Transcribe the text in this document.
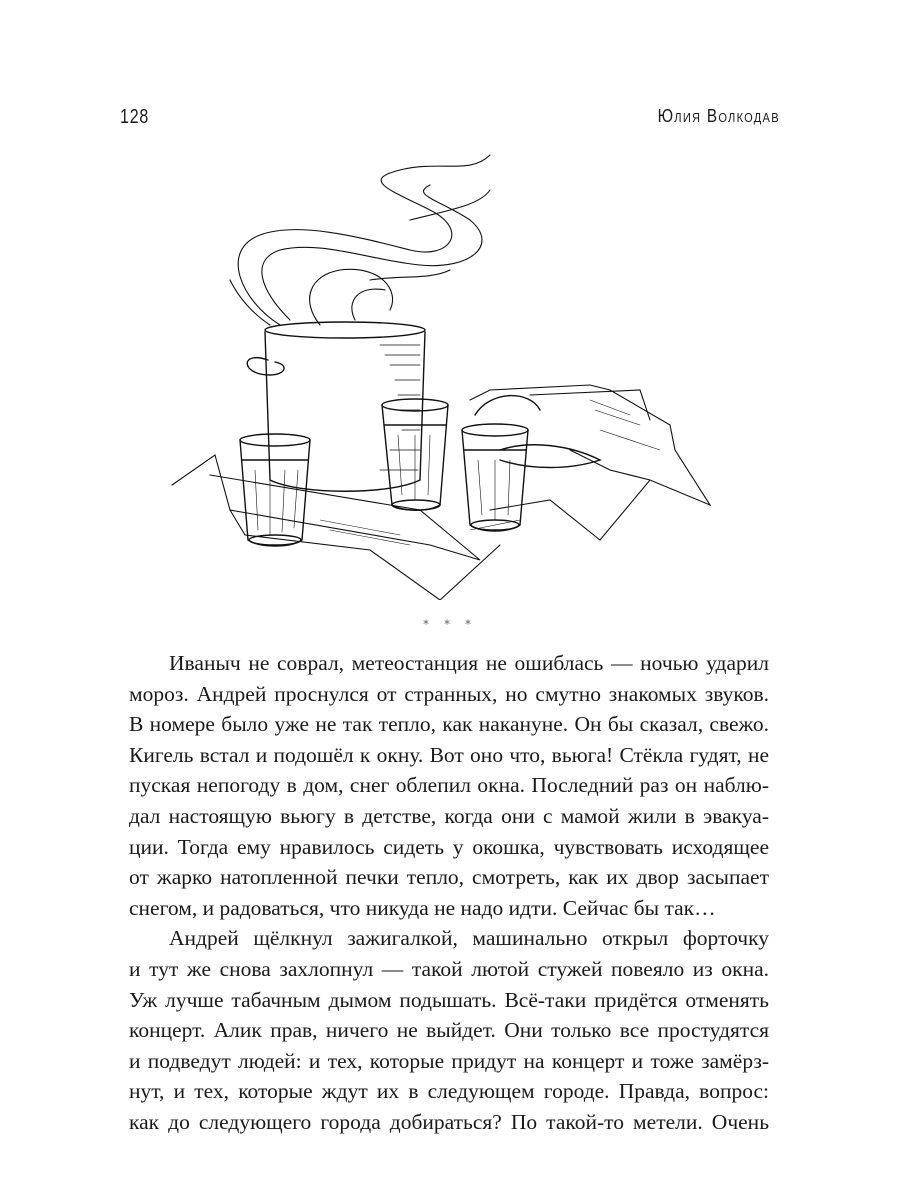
128	Юлия Волкодав
* * *

Иваныч не соврал, метеостанция не ошиблась — ночью ударил
мороз. Андрей проснулся от странных, но смутно знакомых звуков.
В номере было уже не так тепло, как накануне. Он бы сказал, свежо.
Кигель встал и подошёл к окну. Вот оно что, вьюга! Стёкла гудят, не
пуская непогоду в дом, снег облепил окна. Последний раз он наблю-
дал настоящую вьюгу в детстве, когда они с мамой жили в эвакуа-
ции. Тогда ему нравилось сидеть у окошка, чувствовать исходящее
от жарко натопленной печки тепло, смотреть, как их двор засыпает
снегом, и радоваться, что никуда не надо идти. Сейчас бы так…

Андрей щёлкнул зажигалкой, машинально открыл форточку
и тут же снова захлопнул — такой лютой стужей повеяло из окна.
Уж лучше табачным дымом подышать. Всё-таки придётся отменять
концерт. Алик прав, ничего не выйдет. Они только все простудятся
и подведут людей: и тех, которые придут на концерт и тоже замёрз-
нут, и тех, которые ждут их в следующем городе. Правда, вопрос:
как до следующего города добираться? По такой-то метели. Очень
